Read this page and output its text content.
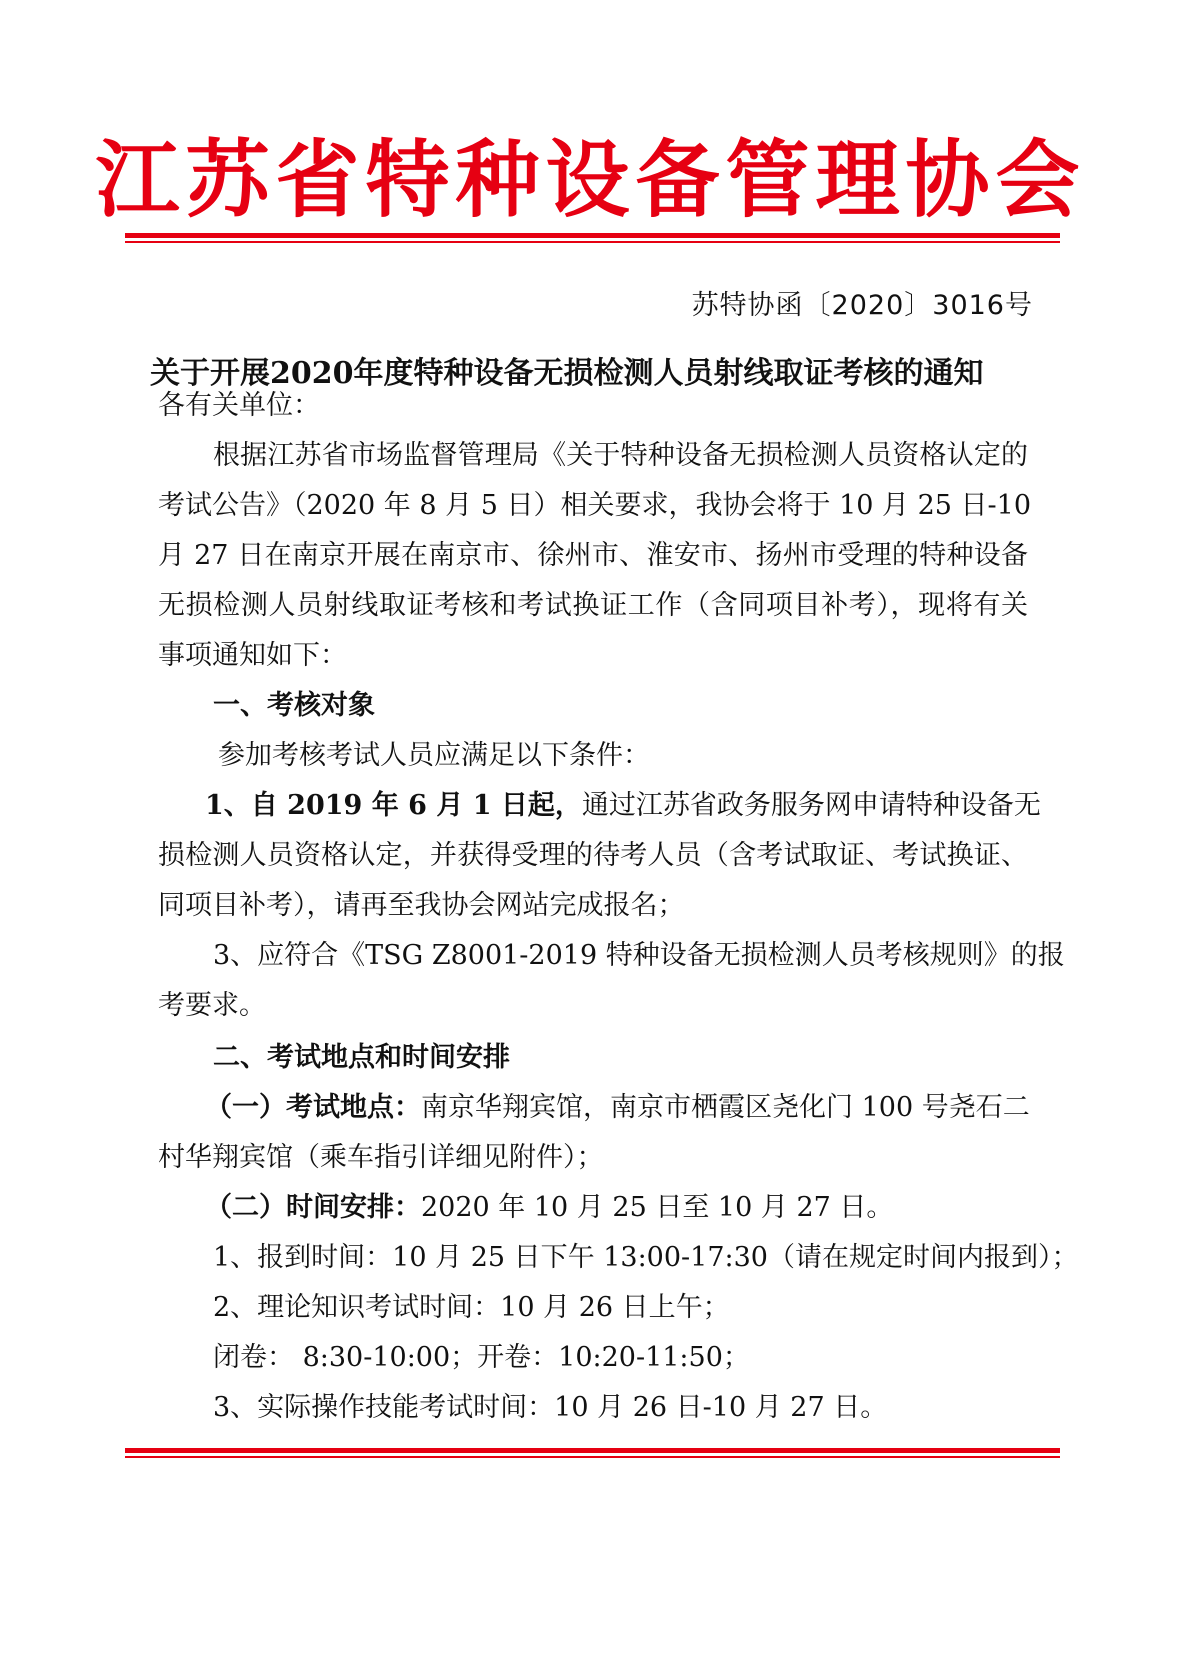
江苏省特种设备管理协会
苏特协函〔2020〕3016号
关于开展2020年度特种设备无损检测人员射线取证考核的通知
各有关单位：
根据江苏省市场监督管理局《关于特种设备无损检测人员资格认定的
考试公告》（2020 年 8 月 5 日）相关要求，我协会将于 10 月 25 日-10
月 27 日在南京开展在南京市、徐州市、淮安市、扬州市受理的特种设备
无损检测人员射线取证考核和考试换证工作（含同项目补考），现将有关
事项通知如下：
一、考核对象
参加考核考试人员应满足以下条件：
1、自 2019 年 6 月 1 日起，通过江苏省政务服务网申请特种设备无
损检测人员资格认定，并获得受理的待考人员（含考试取证、考试换证、
同项目补考），请再至我协会网站完成报名；
3、应符合《TSG Z8001-2019 特种设备无损检测人员考核规则》的报
考要求。
二、考试地点和时间安排
（一）考试地点：南京华翔宾馆，南京市栖霞区尧化门 100 号尧石二
村华翔宾馆（乘车指引详细见附件）；
（二）时间安排：2020 年 10 月 25 日至 10 月 27 日。
1、报到时间：10 月 25 日下午 13:00-17:30（请在规定时间内报到）；
2、理论知识考试时间：10 月 26 日上午；
闭卷： 8:30-10:00；开卷：10:20-11:50；
3、实际操作技能考试时间：10 月 26 日-10 月 27 日。
